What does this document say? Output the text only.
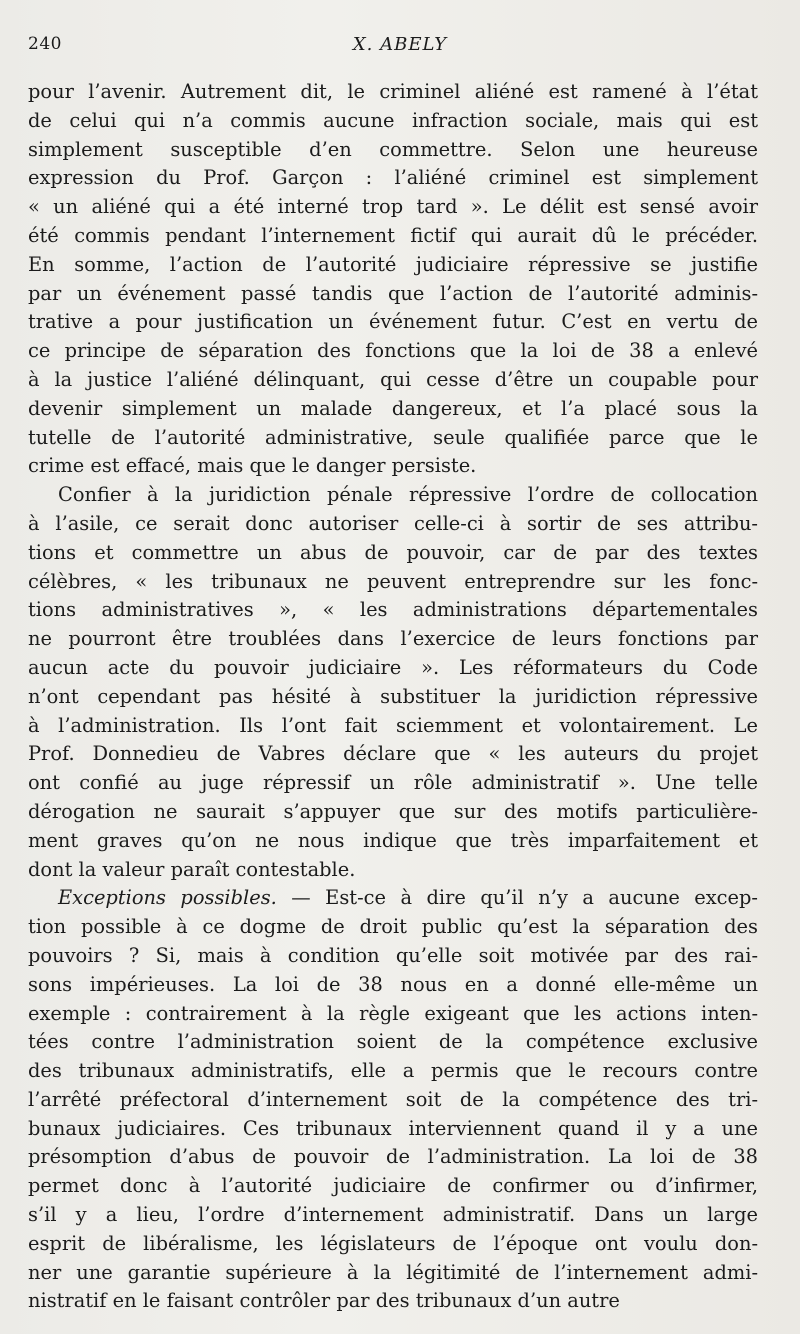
240	X. ABELY
pour l’avenir. Autrement dit, le criminel aliéné est ramené à l’état
de celui qui n’a commis aucune infraction sociale, mais qui est
simplement susceptible d’en commettre. Selon une heureuse
expression du Prof. Garçon : l’aliéné criminel est simplement
« un aliéné qui a été interné trop tard ». Le délit est sensé avoir
été commis pendant l’internement fictif qui aurait dû le précéder.
En somme, l’action de l’autorité judiciaire répressive se justifie
par un événement passé tandis que l’action de l’autorité adminis-
trative a pour justification un événement futur. C’est en vertu de
ce principe de séparation des fonctions que la loi de 38 a enlevé
à la justice l’aliéné délinquant, qui cesse d’être un coupable pour
devenir simplement un malade dangereux, et l’a placé sous la
tutelle de l’autorité administrative, seule qualifiée parce que le
crime est effacé, mais que le danger persiste.
Confier à la juridiction pénale répressive l’ordre de collocation
à l’asile, ce serait donc autoriser celle-ci à sortir de ses attribu-
tions et commettre un abus de pouvoir, car de par des textes
célèbres, « les tribunaux ne peuvent entreprendre sur les fonc-
tions administratives », « les administrations départementales
ne pourront être troublées dans l’exercice de leurs fonctions par
aucun acte du pouvoir judiciaire ». Les réformateurs du Code
n’ont cependant pas hésité à substituer la juridiction répressive
à l’administration. Ils l’ont fait sciemment et volontairement. Le
Prof. Donnedieu de Vabres déclare que « les auteurs du projet
ont confié au juge répressif un rôle administratif ». Une telle
dérogation ne saurait s’appuyer que sur des motifs particulière-
ment graves qu’on ne nous indique que très imparfaitement et
dont la valeur paraît contestable.
Exceptions possibles. — Est-ce à dire qu’il n’y a aucune excep-
tion possible à ce dogme de droit public qu’est la séparation des
pouvoirs ? Si, mais à condition qu’elle soit motivée par des rai-
sons impérieuses. La loi de 38 nous en a donné elle-même un
exemple : contrairement à la règle exigeant que les actions inten-
tées contre l’administration soient de la compétence exclusive
des tribunaux administratifs, elle a permis que le recours contre
l’arrêté préfectoral d’internement soit de la compétence des tri-
bunaux judiciaires. Ces tribunaux interviennent quand il y a une
présomption d’abus de pouvoir de l’administration. La loi de 38
permet donc à l’autorité judiciaire de confirmer ou d’infirmer,
s’il y a lieu, l’ordre d’internement administratif. Dans un large
esprit de libéralisme, les législateurs de l’époque ont voulu don-
ner une garantie supérieure à la légitimité de l’internement admi-
nistratif en le faisant contrôler par des tribunaux d’un autre
